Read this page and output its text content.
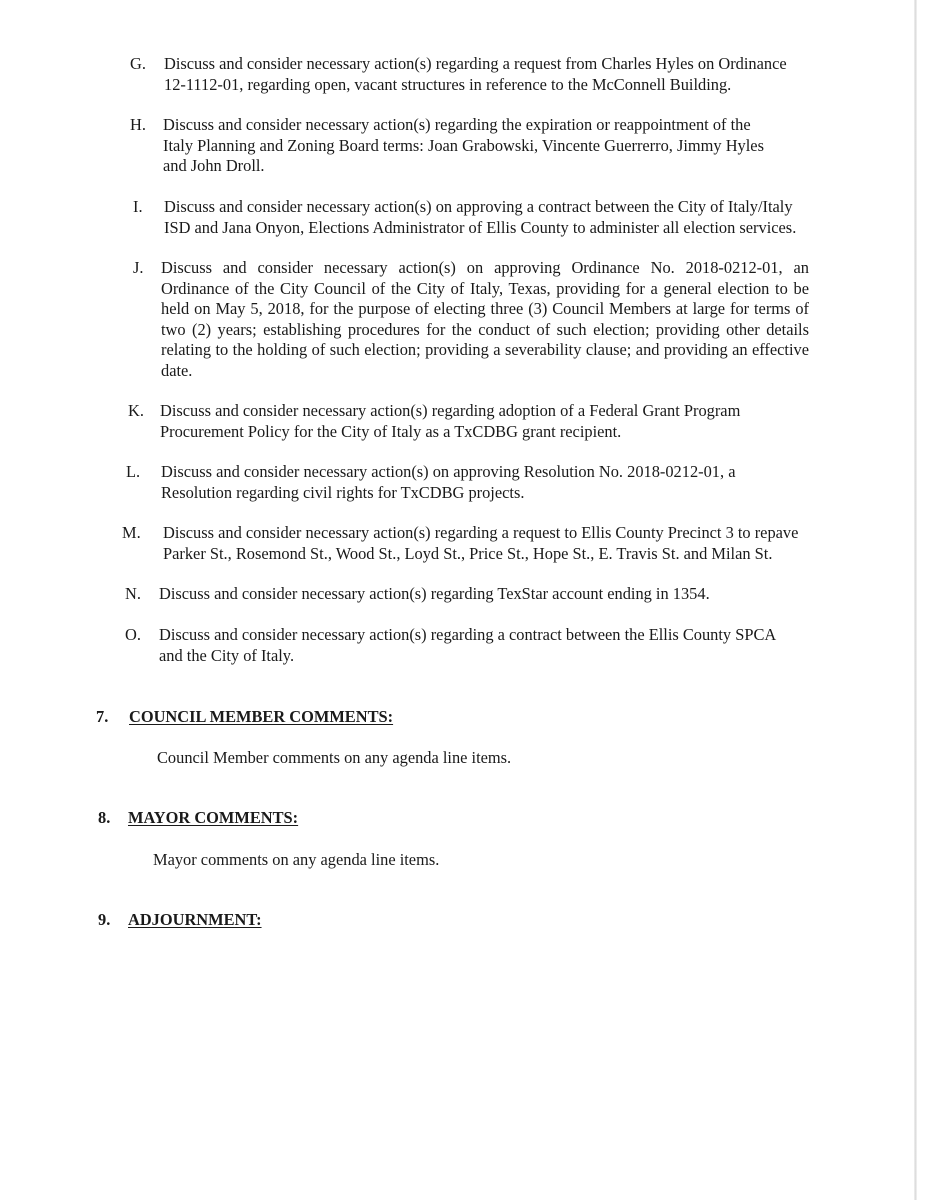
G. Discuss and consider necessary action(s) regarding a request from Charles Hyles on Ordinance 12-1112-01, regarding open, vacant structures in reference to the McConnell Building.
H. Discuss and consider necessary action(s) regarding the expiration or reappointment of the Italy Planning and Zoning Board terms: Joan Grabowski, Vincente Guerrerro, Jimmy Hyles and John Droll.
I. Discuss and consider necessary action(s) on approving a contract between the City of Italy/Italy ISD and Jana Onyon, Elections Administrator of Ellis County to administer all election services.
J. Discuss and consider necessary action(s) on approving Ordinance No. 2018-0212-01, an Ordinance of the City Council of the City of Italy, Texas, providing for a general election to be held on May 5, 2018, for the purpose of electing three (3) Council Members at large for terms of two (2) years; establishing procedures for the conduct of such election; providing other details relating to the holding of such election; providing a severability clause; and providing an effective date.
K. Discuss and consider necessary action(s) regarding adoption of a Federal Grant Program Procurement Policy for the City of Italy as a TxCDBG grant recipient.
L. Discuss and consider necessary action(s) on approving Resolution No. 2018-0212-01, a Resolution regarding civil rights for TxCDBG projects.
M. Discuss and consider necessary action(s) regarding a request to Ellis County Precinct 3 to repave Parker St., Rosemond St., Wood St., Loyd St., Price St., Hope St., E. Travis St. and Milan St.
N. Discuss and consider necessary action(s) regarding TexStar account ending in 1354.
O. Discuss and consider necessary action(s) regarding a contract between the Ellis County SPCA and the City of Italy.
7. COUNCIL MEMBER COMMENTS:
Council Member comments on any agenda line items.
8. MAYOR COMMENTS:
Mayor comments on any agenda line items.
9. ADJOURNMENT:
